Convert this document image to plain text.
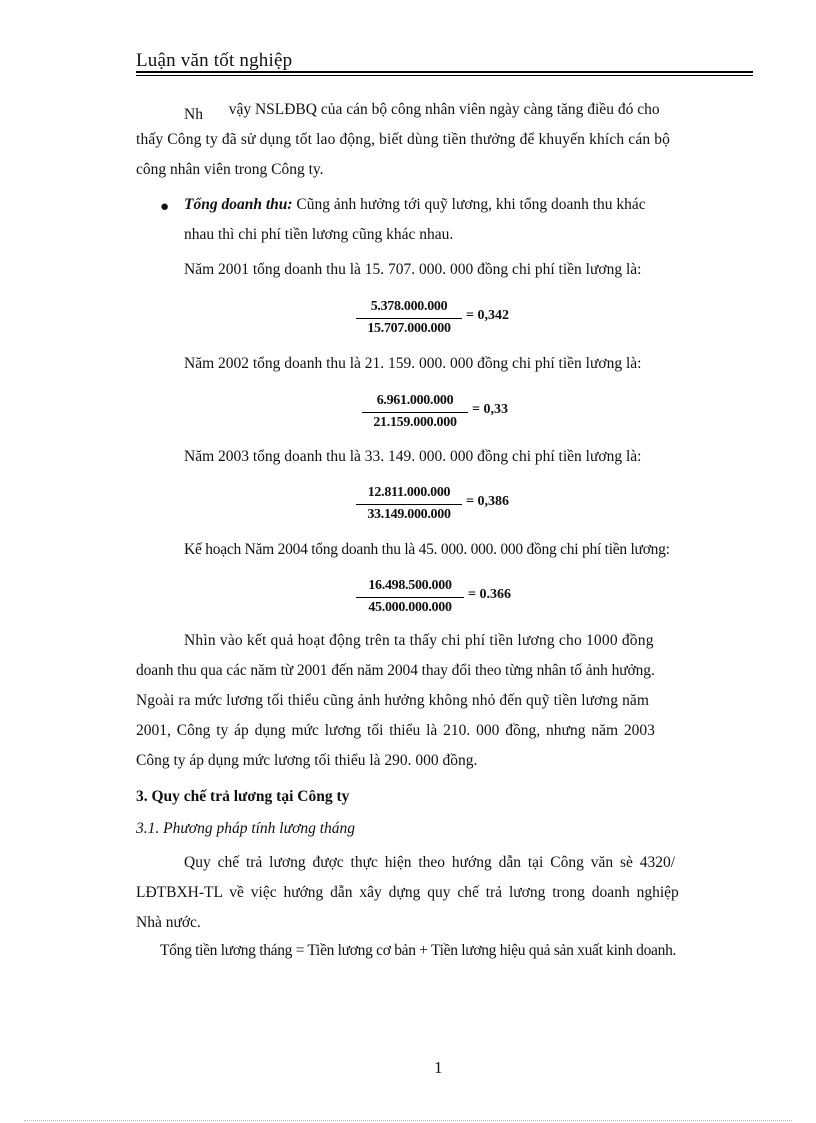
Luận văn tốt nghiệp
Nh vậy NSLĐBQ của cán bộ công nhân viên ngày càng tăng điều đó cho
thấy Công ty đã sử dụng tốt lao động, biết dùng tiền thưởng để khuyến khích cán bộ
công nhân viên trong Công ty.
● Tổng doanh thu: Cũng ảnh hưởng tới quỹ lương, khi tổng doanh thu khác
nhau thì chi phí tiền lương cũng khác nhau.
Năm 2001 tổng doanh thu là 15. 707. 000. 000 đồng chi phí tiền lương là:
5.378.000.000
15.707.000.000
= 0,342
Năm 2002 tổng doanh thu là 21. 159. 000. 000 đồng chi phí tiền lương là:
6.961.000.000
21.159.000.000
= 0,33
Năm 2003 tổng doanh thu là 33. 149. 000. 000 đồng chi phí tiền lương là:
12.811.000.000
33.149.000.000
= 0,386
Kế hoạch Năm 2004 tổng doanh thu là 45. 000. 000. 000 đồng chi phí tiền lương:
16.498.500.000
45.000.000.000
= 0.366
Nhìn vào kết quả hoạt động trên ta thấy chi phí tiền lương cho 1000 đồng
doanh thu qua các năm từ 2001 đến năm 2004 thay đổi theo từng nhân tố ảnh hưởng.
Ngoài ra mức lương tối thiểu cũng ảnh hưởng không nhỏ đến quỹ tiền lương năm
2001, Công ty áp dụng mức lương tối thiểu là 210. 000 đồng, nhưng năm 2003
Công ty áp dụng mức lương tối thiểu là 290. 000 đồng.
3. Quy chế trả lương tại Công ty
3.1. Phương pháp tính lương tháng
Quy chế trả lương được thực hiện theo hướng dẫn tại Công văn sè 4320/
LĐTBXH-TL về việc hướng dẫn xây dựng quy chế trả lương trong doanh nghiệp
Nhà nước.
Tổng tiền lương tháng = Tiền lương cơ bản + Tiền lương hiệu quả sản xuất kinh doanh.
1
